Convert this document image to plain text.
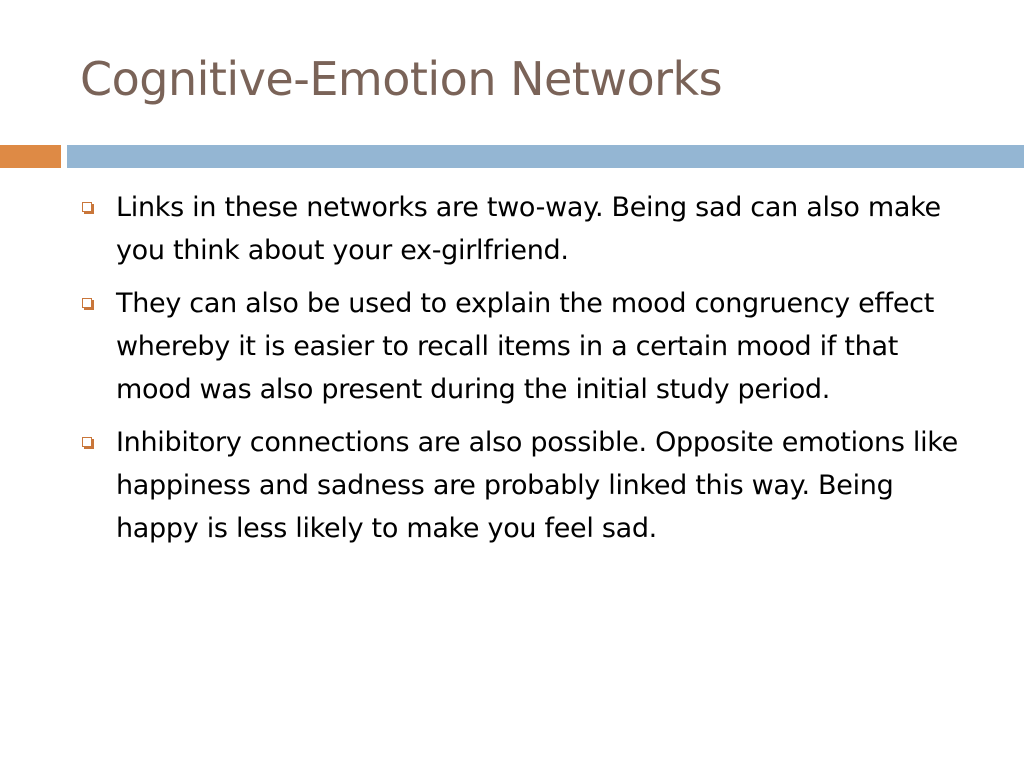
Cognitive-Emotion Networks
Links in these networks are two-way. Being sad can also make you think about your ex-girlfriend.
They can also be used to explain the mood congruency effect whereby it is easier to recall items in a certain mood if that mood was also present during the initial study period.
Inhibitory connections are also possible. Opposite emotions like happiness and sadness are probably linked this way. Being happy is less likely to make you feel sad.
